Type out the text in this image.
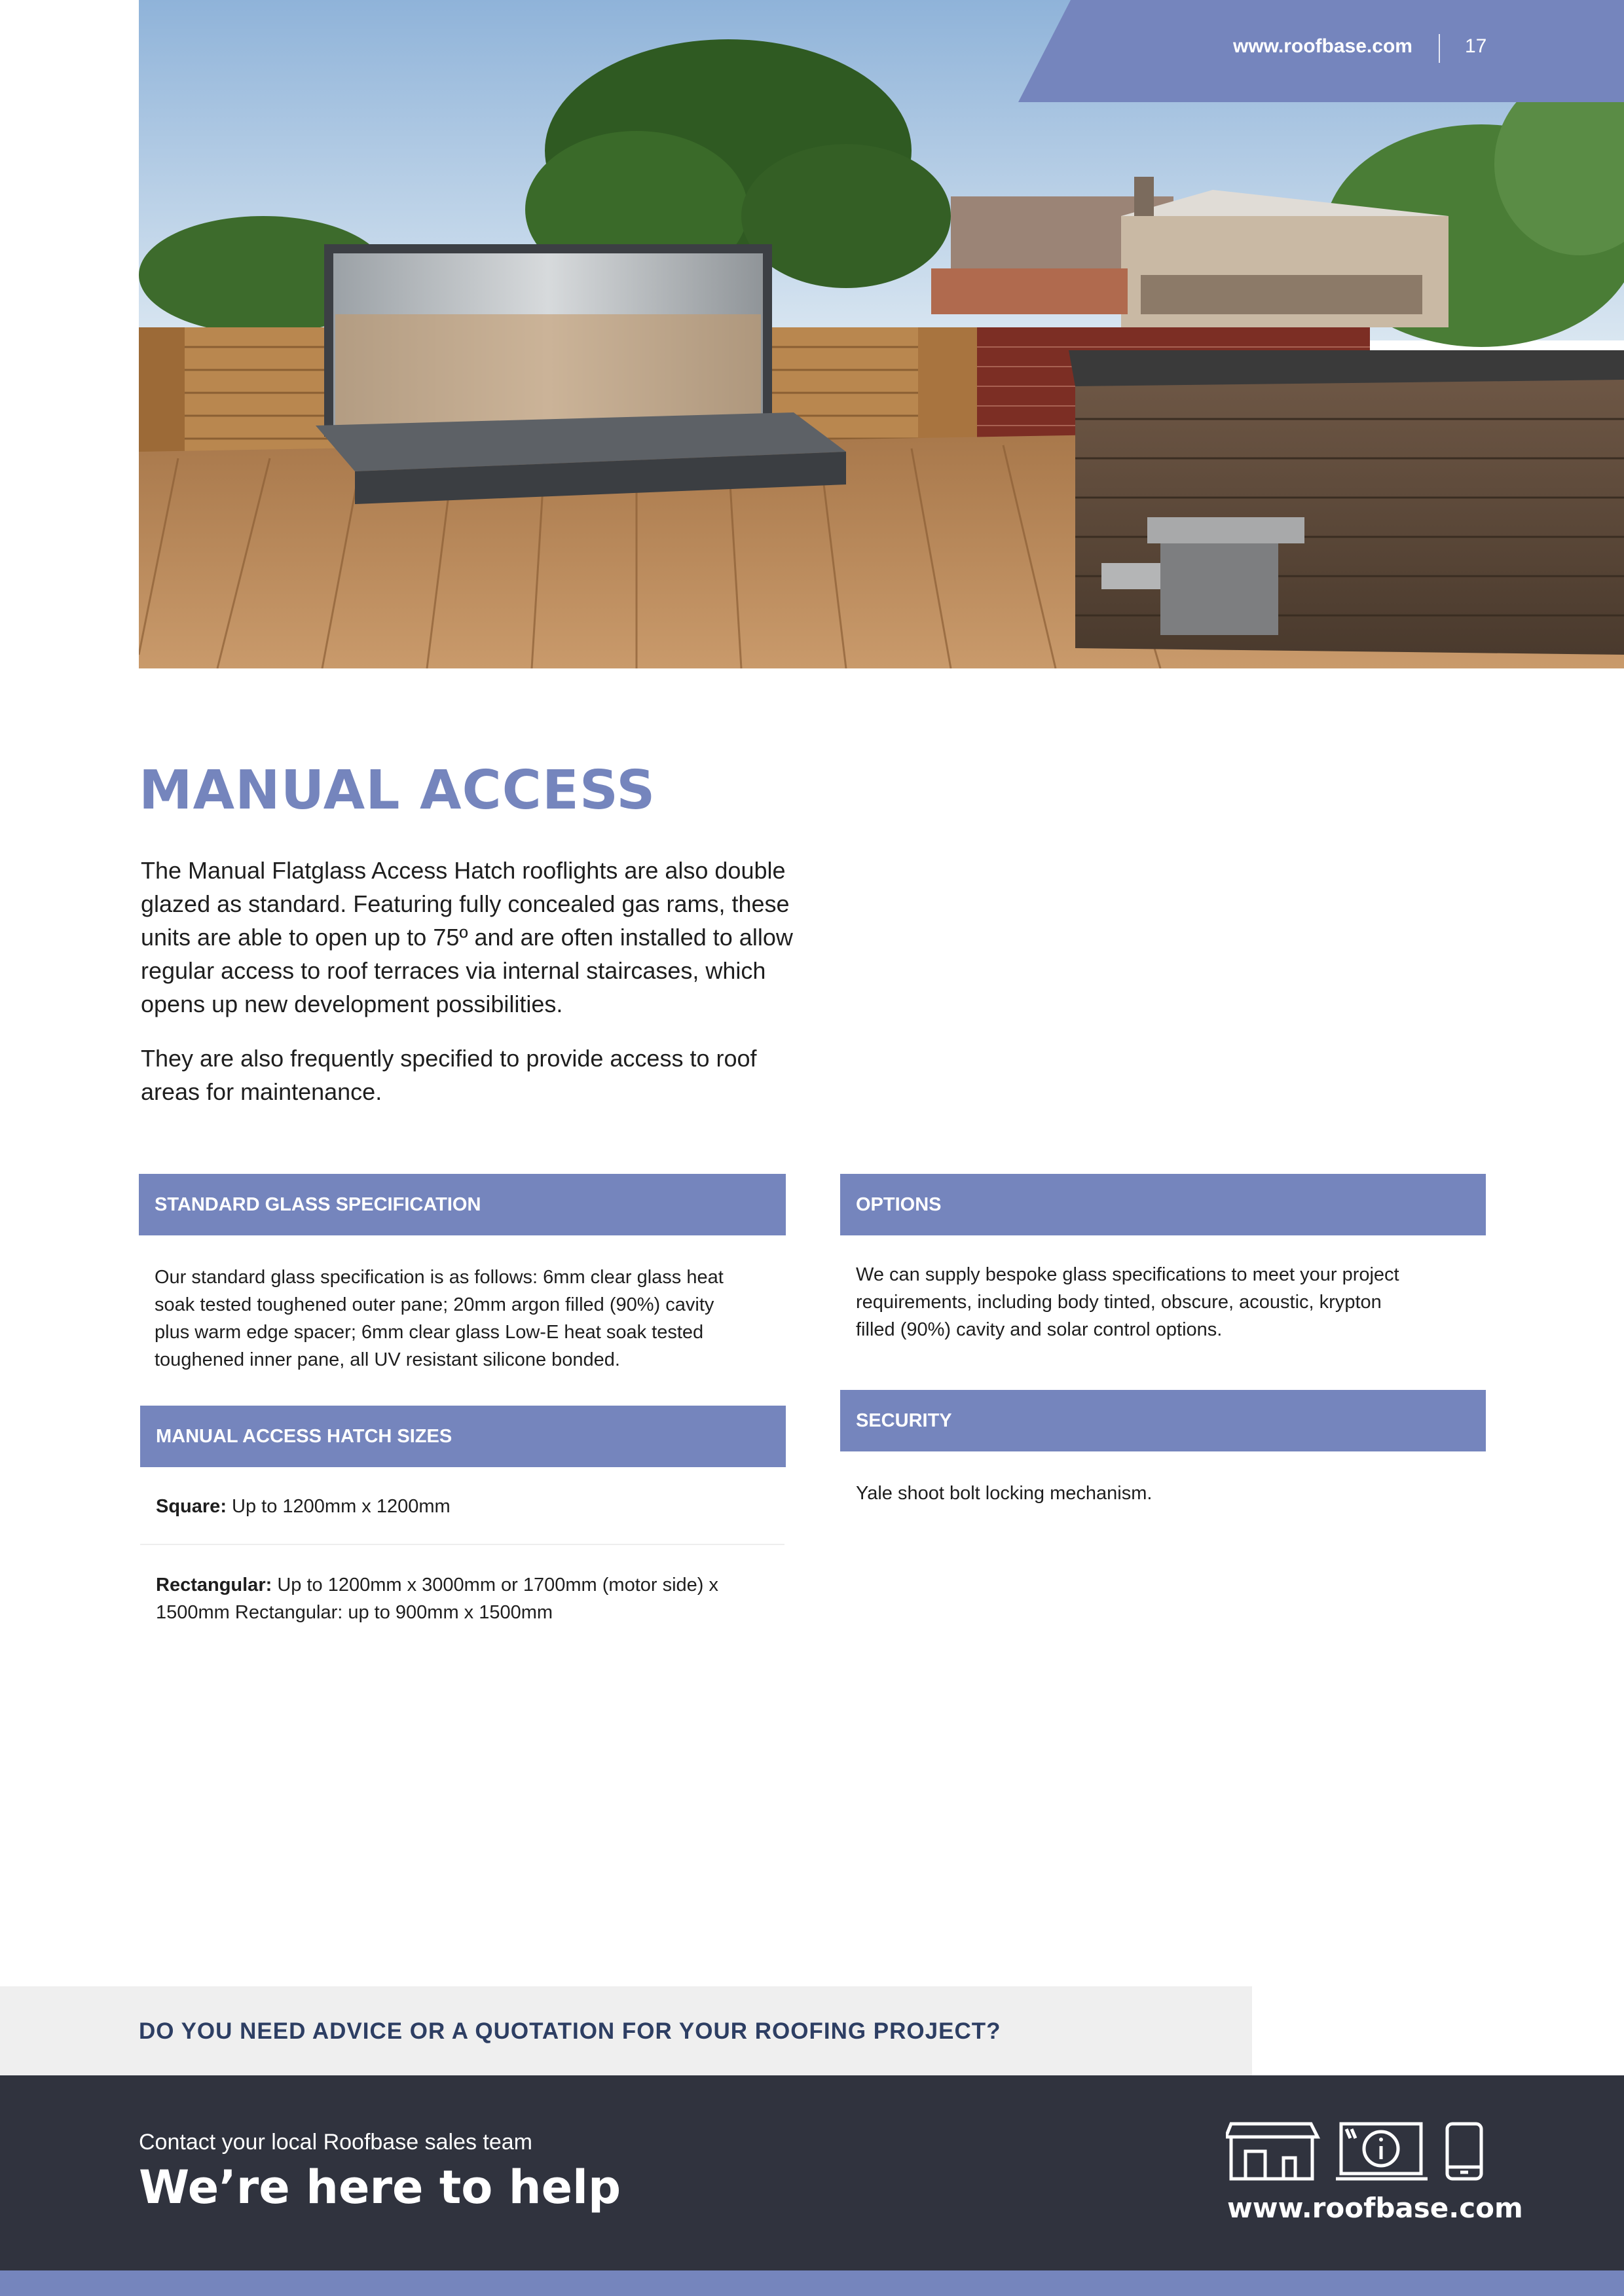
www.roofbase.com	17
MANUAL ACCESS

The Manual Flatglass Access Hatch rooflights are also double glazed as standard. Featuring fully concealed gas rams, these units are able to open up to 75º and are often installed to allow regular access to roof terraces via internal staircases, which opens up new development possibilities.

They are also frequently specified to provide access to roof areas for maintenance.

STANDARD GLASS SPECIFICATION
Our standard glass specification is as follows: 6mm clear glass heat soak tested toughened outer pane; 20mm argon filled (90%) cavity plus warm edge spacer; 6mm clear glass Low-E heat soak tested toughened inner pane, all UV resistant silicone bonded.
MANUAL ACCESS HATCH SIZES
Square: Up to 1200mm x 1200mm
Rectangular: Up to 1200mm x 3000mm or 1700mm (motor side) x 1500mm Rectangular: up to 900mm x 1500mm
OPTIONS
We can supply bespoke glass specifications to meet your project requirements, including body tinted, obscure, acoustic, krypton filled (90%) cavity and solar control options.
SECURITY
Yale shoot bolt locking mechanism.
DO YOU NEED ADVICE OR A QUOTATION FOR YOUR ROOFING PROJECT?
Contact your local Roofbase sales team
We’re here to help	www.roofbase.com
